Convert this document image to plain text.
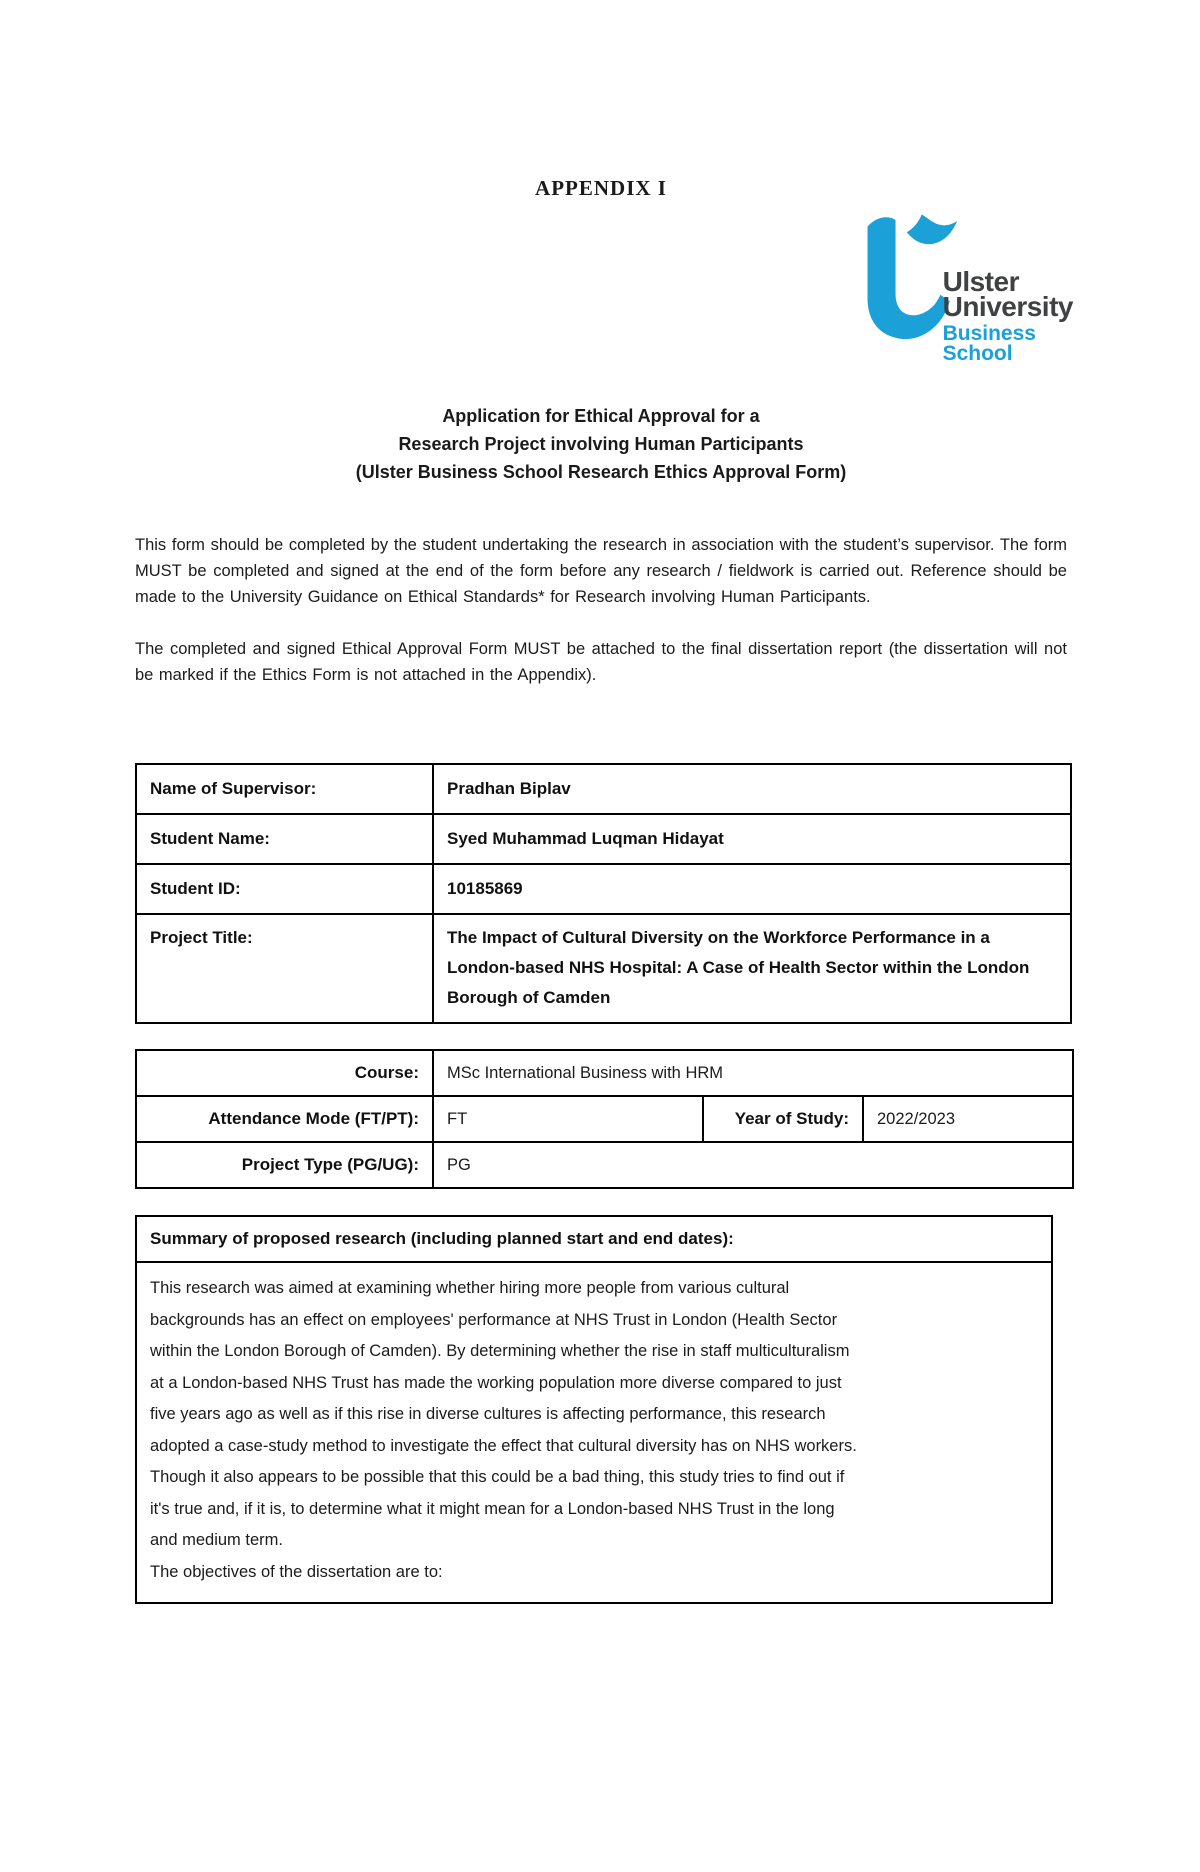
APPENDIX I
Ulster
University
Business
School
Application for Ethical Approval for a
Research Project involving Human Participants
(Ulster Business School Research Ethics Approval Form)
This form should be completed by the student undertaking the research in association with the student’s supervisor. The form MUST be completed and signed at the end of the form before any research / fieldwork is carried out. Reference should be made to the University Guidance on Ethical Standards* for Research involving Human Participants.
The completed and signed Ethical Approval Form MUST be attached to the final dissertation report (the dissertation will not be marked if the Ethics Form is not attached in the Appendix).
Name of Supervisor:	Pradhan Biplav
Student Name:	Syed Muhammad Luqman Hidayat
Student ID:	10185869
Project Title:	The Impact of Cultural Diversity on the Workforce Performance in a London-based NHS Hospital: A Case of Health Sector within the London Borough of Camden
Course:	MSc International Business with HRM		
Attendance Mode (FT/PT):	FT	Year of Study:	2022/2023
Project Type (PG/UG):	PG		
Summary of proposed research (including planned start and end dates):
This research was aimed at examining whether hiring more people from various cultural
backgrounds has an effect on employees' performance at NHS Trust in London (Health Sector
within the London Borough of Camden). By determining whether the rise in staff multiculturalism
at a London-based NHS Trust has made the working population more diverse compared to just
five years ago as well as if this rise in diverse cultures is affecting performance, this research
adopted a case-study method to investigate the effect that cultural diversity has on NHS workers.
Though it also appears to be possible that this could be a bad thing, this study tries to find out if
it's true and, if it is, to determine what it might mean for a London-based NHS Trust in the long
and medium term.
The objectives of the dissertation are to:
